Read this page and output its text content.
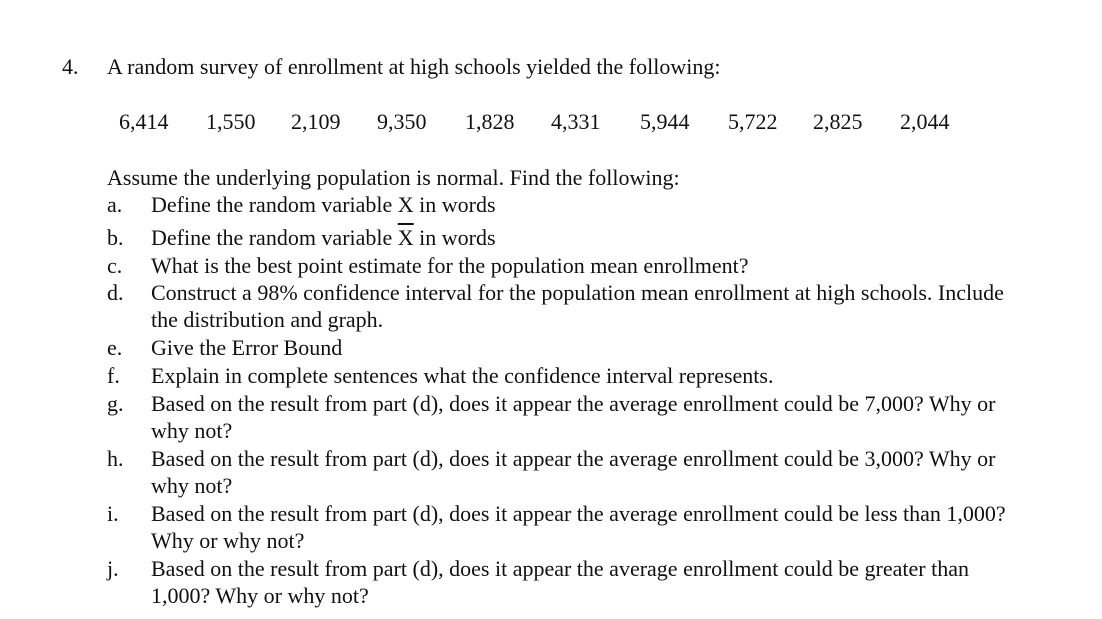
4. A random survey of enrollment at high schools yielded the following:
6,414 1,550 2,109 9,350 1,828 4,331 5,944 5,722 2,825 2,044
Assume the underlying population is normal. Find the following:
a. Define the random variable X in words
b. Define the random variable $\overline{X}$ in words
c. What is the best point estimate for the population mean enrollment?
d. Construct a 98% confidence interval for the population mean enrollment at high schools. Include the distribution and graph.
e. Give the Error Bound
f. Explain in complete sentences what the confidence interval represents.
g. Based on the result from part (d), does it appear the average enrollment could be 7,000? Why or why not?
h. Based on the result from part (d), does it appear the average enrollment could be 3,000? Why or why not?
i. Based on the result from part (d), does it appear the average enrollment could be less than 1,000? Why or why not?
j. Based on the result from part (d), does it appear the average enrollment could be greater than 1,000? Why or why not?
